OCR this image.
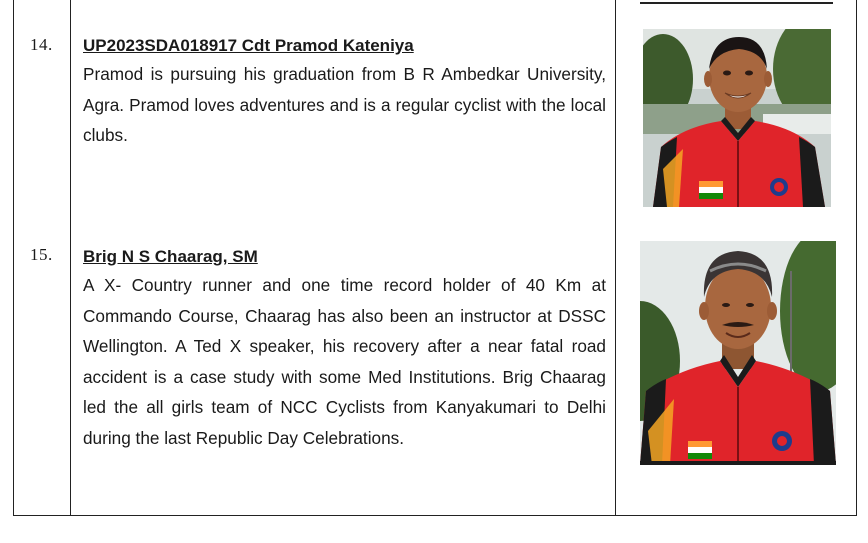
14. UP2023SDA018917 Cdt Pramod Kateniya

Pramod is pursuing his graduation from B R Ambedkar University, Agra. Pramod loves adventures and is a regular cyclist with the local clubs.

15. Brig N S Chaarag, SM

A X- Country runner and one time record holder of 40 Km at Commando Course, Chaarag has also been an instructor at DSSC Wellington. A Ted X speaker, his recovery after a near fatal road accident is a case study with some Med Institutions. Brig Chaarag led the all girls team of NCC Cyclists from Kanyakumari to Delhi during the last Republic Day Celebrations.
